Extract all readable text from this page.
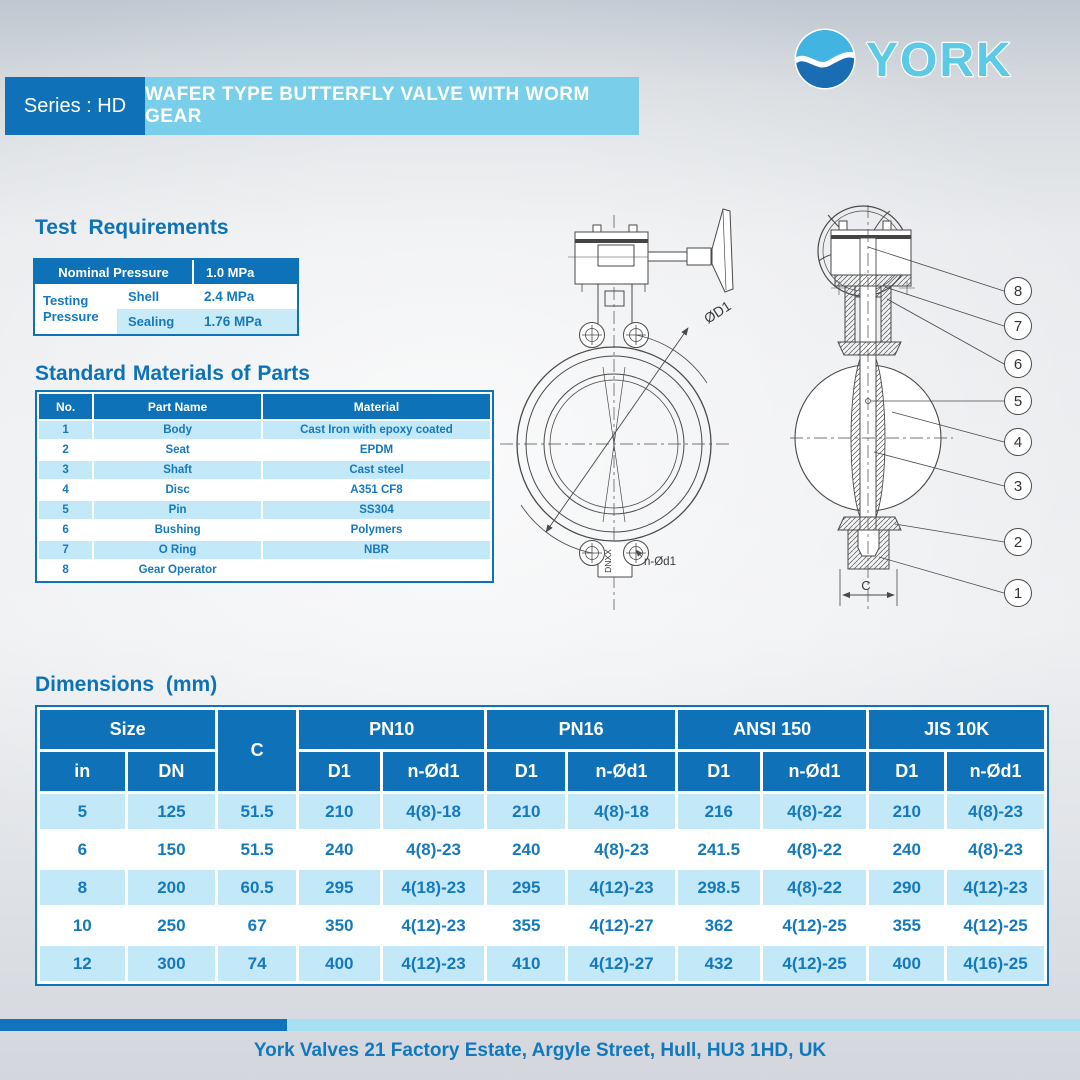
YORK
Series : HD WAFER TYPE BUTTERFLY VALVE WITH WORM GEAR
Test Requirements
Nominal Pressure	1.0 MPa
Testing Pressure
Shell	2.4 MPa
Sealing	1.76 MPa
Standard Materials of Parts
No.	Part Name	Material
1	Body	Cast Iron with epoxy coated
2	Seat	EPDM
3	Shaft	Cast steel
4	Disc	A351 CF8
5	Pin	SS304
6	Bushing	Polymers
7	O Ring	NBR
8	Gear Operator	
ØD1
n-Ød1
DNXX
C
8
7
6
5
4
3
2
1
Dimensions (mm)
Size		C	PN10		PN16		ANSI 150		JIS 10K	
in	DN		D1	n-Ød1	D1	n-Ød1	D1	n-Ød1	D1	n-Ød1
5	125	51.5	210	4(8)-18	210	4(8)-18	216	4(8)-22	210	4(8)-23
6	150	51.5	240	4(8)-23	240	4(8)-23	241.5	4(8)-22	240	4(8)-23
8	200	60.5	295	4(18)-23	295	4(12)-23	298.5	4(8)-22	290	4(12)-23
10	250	67	350	4(12)-23	355	4(12)-27	362	4(12)-25	355	4(12)-25
12	300	74	400	4(12)-23	410	4(12)-27	432	4(12)-25	400	4(16)-25
York Valves 21 Factory Estate, Argyle Street, Hull, HU3 1HD, UK
